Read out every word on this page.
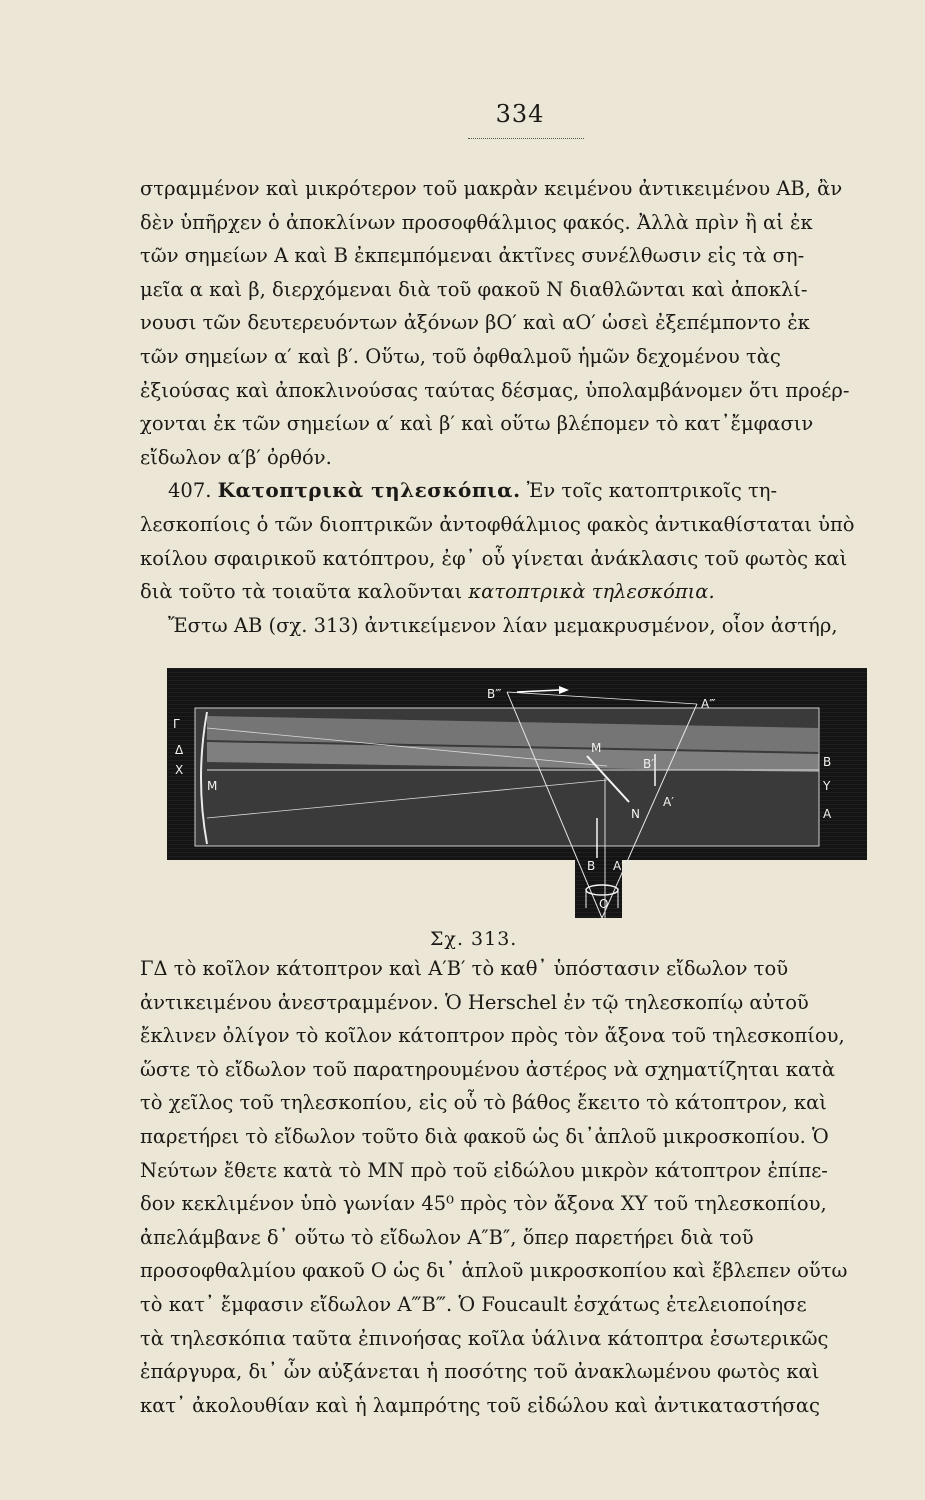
334
στραμμένον καὶ μικρότερον τοῦ μακρὰν κειμένου ἀντικειμένου ΑΒ, ἂν
δὲν ὑπῆρχεν ὁ ἀποκλίνων προσοφθάλμιος φακός. Ἀλλὰ πρὶν ἢ αἱ ἐκ
τῶν σημείων Α καὶ Β ἐκπεμπόμεναι ἀκτῖνες συνέλθωσιν εἰς τὰ ση-
μεῖα α καὶ β, διερχόμεναι διὰ τοῦ φακοῦ Ν διαθλῶνται καὶ ἀποκλί-
νουσι τῶν δευτερευόντων ἀξόνων βΟ′ καὶ αΟ′ ὡσεὶ ἐξεπέμποντο ἐκ
τῶν σημείων α′ καὶ β′. Οὕτω, τοῦ ὀφθαλμοῦ ἡμῶν δεχομένου τὰς
ἐξιούσας καὶ ἀποκλινούσας ταύτας δέσμας, ὑπολαμβάνομεν ὅτι προέρ-
χονται ἐκ τῶν σημείων α′ καὶ β′ καὶ οὕτω βλέπομεν τὸ κατ᾽ἔμφασιν
εἴδωλον α′β′ ὀρθόν.
407. Κατοπτρικὰ τηλεσκόπια. Ἐν τοῖς κατοπτρικοῖς τη-
λεσκοπίοις ὁ τῶν διοπτρικῶν ἀντοφθάλμιος φακὸς ἀντικαθίσταται ὑπὸ
κοίλου σφαιρικοῦ κατόπτρου, ἐφ᾽ οὗ γίνεται ἀνάκλασις τοῦ φωτὸς καὶ
διὰ τοῦτο τὰ τοιαῦτα καλοῦνται κατοπτρικὰ τηλεσκόπια.
Ἔστω ΑΒ (σχ. 313) ἀντικείμενον λίαν μεμακρυσμένον, οἷον ἀστήρ,
B‴
A‴
Γ
Δ
X
M
M
B′
N
A′
B
Y
A
B A″
O
Σχ. 313.
ΓΔ τὸ κοῖλον κάτοπτρον καὶ Α′Β′ τὸ καθ᾽ ὑπόστασιν εἴδωλον τοῦ
ἀντικειμένου ἀνεστραμμένον. Ὁ Herschel ἐν τῷ τηλεσκοπίῳ αὐτοῦ
ἔκλινεν ὀλίγον τὸ κοῖλον κάτοπτρον πρὸς τὸν ἄξονα τοῦ τηλεσκοπίου,
ὥστε τὸ εἴδωλον τοῦ παρατηρουμένου ἀστέρος νὰ σχηματίζηται κατὰ
τὸ χεῖλος τοῦ τηλεσκοπίου, εἰς οὗ τὸ βάθος ἔκειτο τὸ κάτοπτρον, καὶ
παρετήρει τὸ εἴδωλον τοῦτο διὰ φακοῦ ὡς δι᾽ἁπλοῦ μικροσκοπίου. Ὁ
Νεύτων ἔθετε κατὰ τὸ ΜΝ πρὸ τοῦ εἰδώλου μικρὸν κάτοπτρον ἐπίπε-
δον κεκλιμένον ὑπὸ γωνίαν 45⁰ πρὸς τὸν ἄξονα ΧΥ τοῦ τηλεσκοπίου,
ἀπελάμβανε δ᾽ οὕτω τὸ εἴδωλον Α″Β″, ὅπερ παρετήρει διὰ τοῦ
προσοφθαλμίου φακοῦ Ο ὡς δι᾽ ἁπλοῦ μικροσκοπίου καὶ ἔβλεπεν οὕτω
τὸ κατ᾽ ἔμφασιν εἴδωλον Α‴Β‴. Ὁ Foucault ἐσχάτως ἐτελειοποίησε
τὰ τηλεσκόπια ταῦτα ἐπινοήσας κοῖλα ὑάλινα κάτοπτρα ἐσωτερικῶς
ἐπάργυρα, δι᾽ ὧν αὐξάνεται ἡ ποσότης τοῦ ἀνακλωμένου φωτὸς καὶ
κατ᾽ ἀκολουθίαν καὶ ἡ λαμπρότης τοῦ εἰδώλου καὶ ἀντικαταστήσας
